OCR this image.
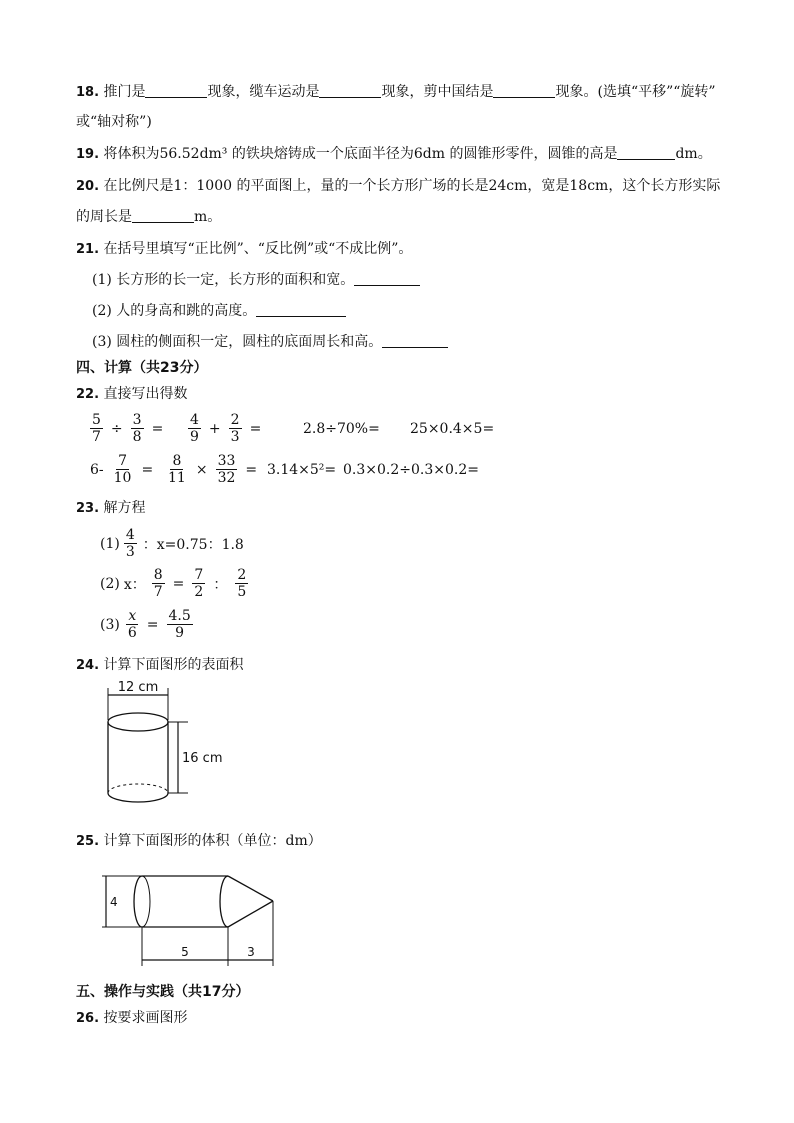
18. 推门是	现象，缆车运动是	现象，剪中国结是	现象。(选填“平移”“旋转”
或“轴对称”)
19. 将体积为56.52dm³ 的铁块熔铸成一个底面半径为6dm 的圆锥形零件，圆锥的高是	dm。
20. 在比例尺是1：1000 的平面图上，量的一个长方形广场的长是24cm，宽是18cm，这个长方形实际
的周长是	m。
21. 在括号里填写“正比例”、“反比例”或“不成比例”。
(1) 长方形的长一定，长方形的面积和宽。
(2) 人的身高和跳的高度。
(3) 圆柱的侧面积一定，圆柱的底面周长和高。
四、计算（共23分）
22. 直接写出得数
$\frac{5}{7} \div \frac{3}{8} = \frac{4}{9} + \frac{2}{3}$ =	2.8÷70%= 25×0.4×5=
$6- \frac{7}{10} = \frac{8}{11} \times \frac{33}{32} = 3.14\times 5^2= 0.3\times 0.2\div 0.3\times 0.2=$
23. 解方程
$(1) \frac{4}{3}$ ：x=0.75：1.8
(2) x： $\frac{8}{7} = \frac{7}{2}$ ： $\frac{2}{5}$
$(3) \frac{x}{6} = \frac{4.5}{9}$
24. 计算下面图形的表面积
12 cm
16 cm
25. 计算下面图形的体积（单位：dm）
4
5	3
五、操作与实践（共17分）
26. 按要求画图形
